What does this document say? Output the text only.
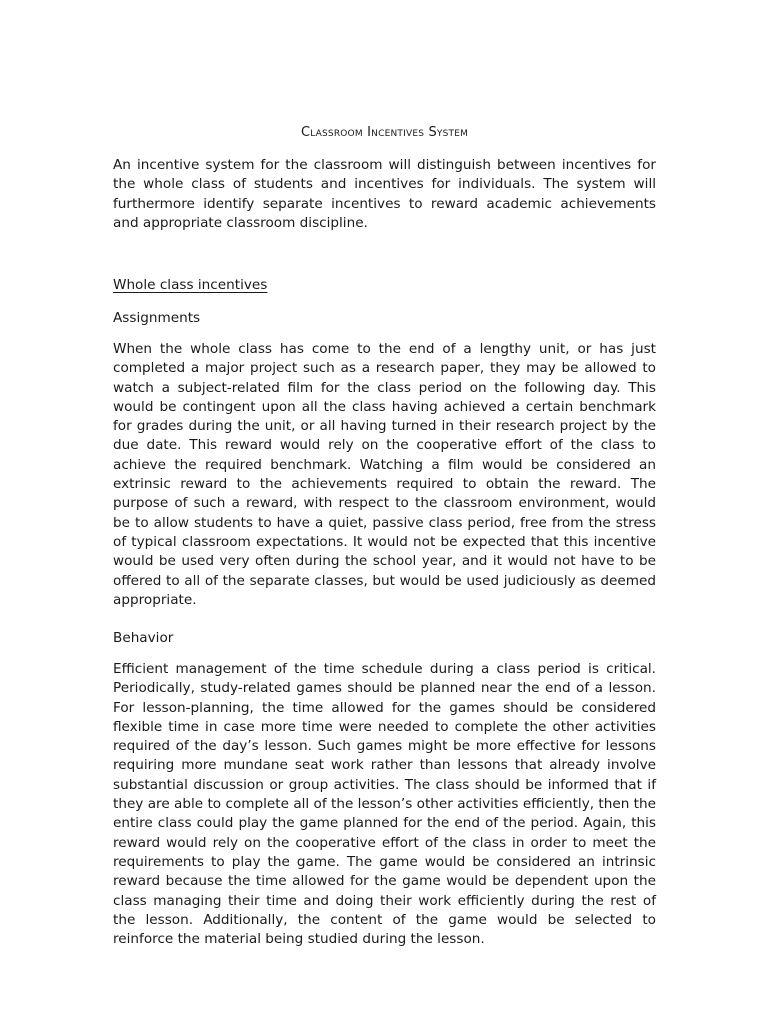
Classroom Incentives System

An incentive system for the classroom will distinguish between incentives for the whole class of students and incentives for individuals. The system will furthermore identify separate incentives to reward academic achievements and appropriate classroom discipline.

Whole class incentives
Assignments

When the whole class has come to the end of a lengthy unit, or has just completed a major project such as a research paper, they may be allowed to watch a subject-related film for the class period on the following day. This would be contingent upon all the class having achieved a certain benchmark for grades during the unit, or all having turned in their research project by the due date. This reward would rely on the cooperative effort of the class to achieve the required benchmark. Watching a film would be considered an extrinsic reward to the achievements required to obtain the reward. The purpose of such a reward, with respect to the classroom environment, would be to allow students to have a quiet, passive class period, free from the stress of typical classroom expectations. It would not be expected that this incentive would be used very often during the school year, and it would not have to be offered to all of the separate classes, but would be used judiciously as deemed appropriate.

Behavior

Efficient management of the time schedule during a class period is critical. Periodically, study-related games should be planned near the end of a lesson. For lesson-planning, the time allowed for the games should be considered flexible time in case more time were needed to complete the other activities required of the day’s lesson. Such games might be more effective for lessons requiring more mundane seat work rather than lessons that already involve substantial discussion or group activities. The class should be informed that if they are able to complete all of the lesson’s other activities efficiently, then the entire class could play the game planned for the end of the period. Again, this reward would rely on the cooperative effort of the class in order to meet the requirements to play the game. The game would be considered an intrinsic reward because the time allowed for the game would be dependent upon the class managing their time and doing their work efficiently during the rest of the lesson. Additionally, the content of the game would be selected to reinforce the material being studied during the lesson.
